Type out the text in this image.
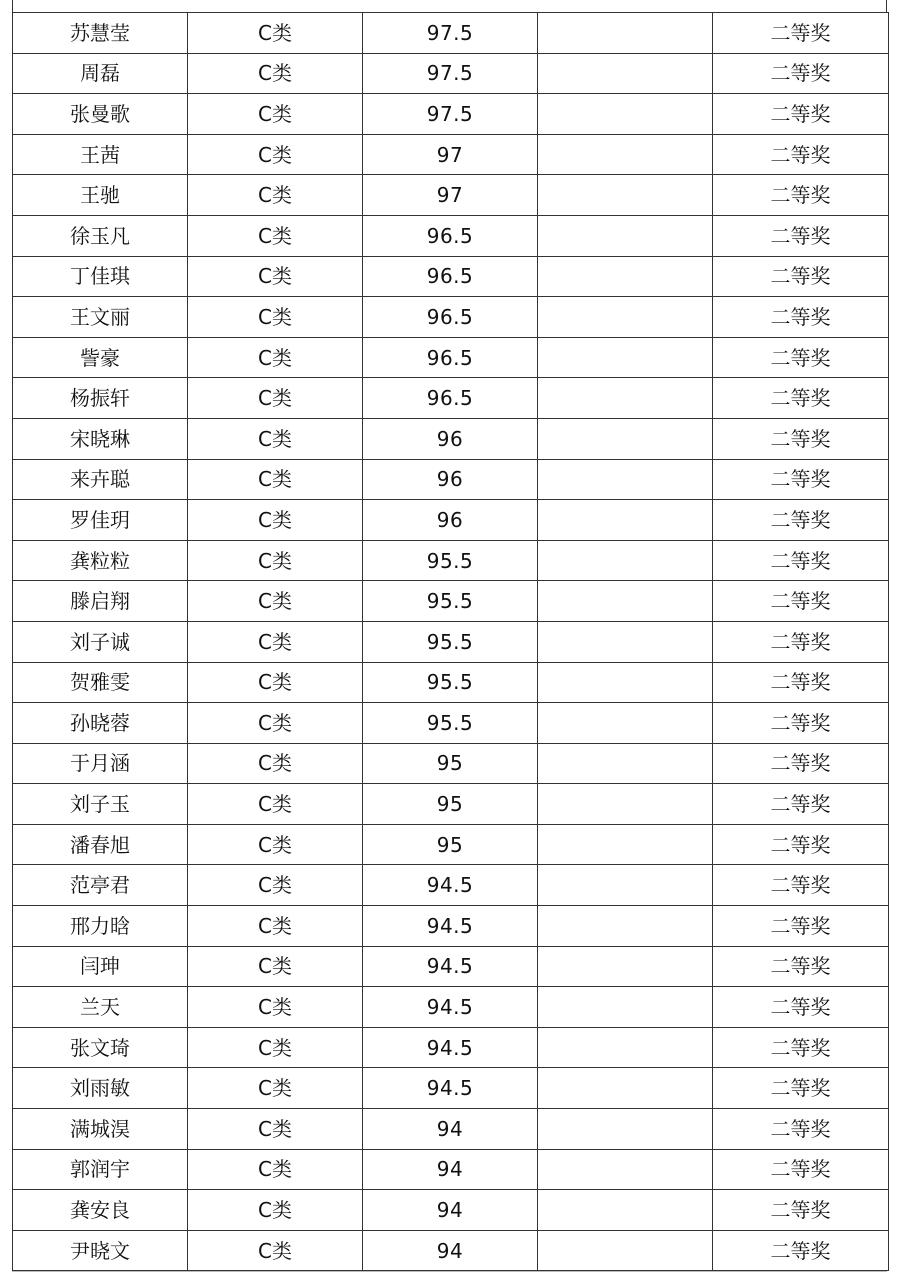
苏慧莹	C类	97.5		二等奖
周磊	C类	97.5		二等奖
张曼歌	C类	97.5		二等奖
王茜	C类	97		二等奖
王驰	C类	97		二等奖
徐玉凡	C类	96.5		二等奖
丁佳琪	C类	96.5		二等奖
王文丽	C类	96.5		二等奖
訾豪	C类	96.5		二等奖
杨振轩	C类	96.5		二等奖
宋晓琳	C类	96		二等奖
来卉聪	C类	96		二等奖
罗佳玥	C类	96		二等奖
龚粒粒	C类	95.5		二等奖
滕启翔	C类	95.5		二等奖
刘子诚	C类	95.5		二等奖
贺雅雯	C类	95.5		二等奖
孙晓蓉	C类	95.5		二等奖
于月涵	C类	95		二等奖
刘子玉	C类	95		二等奖
潘春旭	C类	95		二等奖
范亭君	C类	94.5		二等奖
邢力晗	C类	94.5		二等奖
闫珅	C类	94.5		二等奖
兰天	C类	94.5		二等奖
张文琦	C类	94.5		二等奖
刘雨敏	C类	94.5		二等奖
满城淏	C类	94		二等奖
郭润宇	C类	94		二等奖
龚安良	C类	94		二等奖
尹晓文	C类	94		二等奖
